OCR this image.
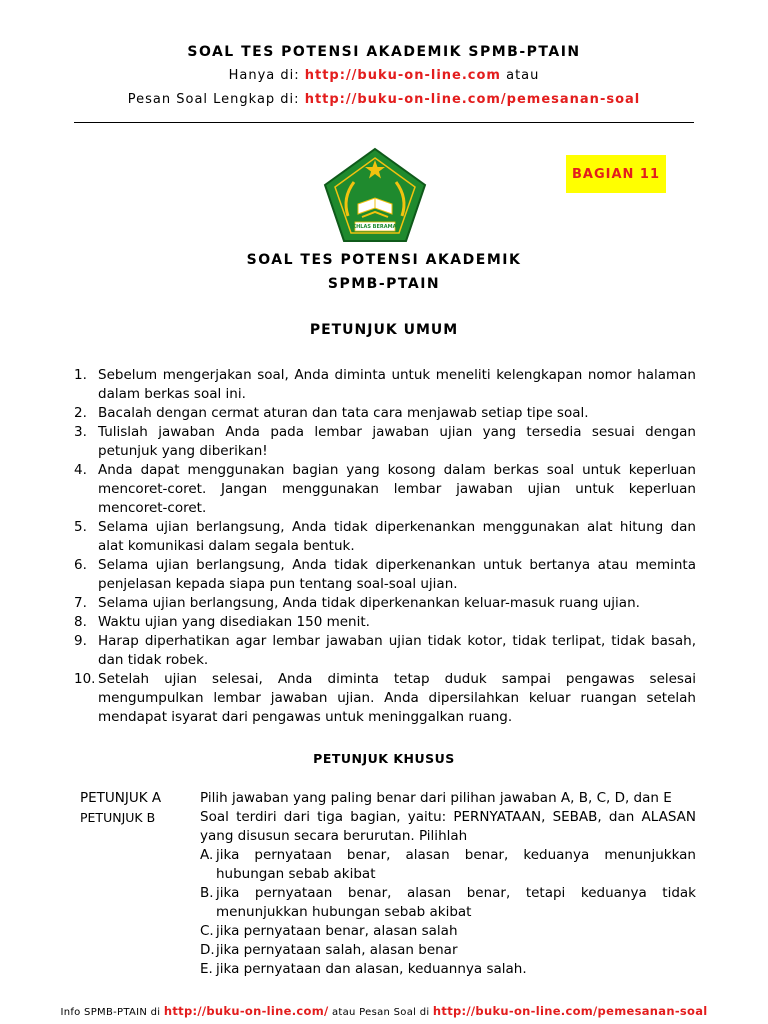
SOAL TES POTENSI AKADEMIK SPMB-PTAIN
Hanya di: http://buku-on-line.com atau
Pesan Soal Lengkap di: http://buku-on-line.com/pemesanan-soal
IKHLAS BERAMAL
BAGIAN 11
SOAL TES POTENSI AKADEMIK
SPMB-PTAIN
PETUNJUK UMUM
1. Sebelum mengerjakan soal, Anda diminta untuk meneliti kelengkapan nomor halaman dalam berkas soal ini.
2. Bacalah dengan cermat aturan dan tata cara menjawab setiap tipe soal.
3. Tulislah jawaban Anda pada lembar jawaban ujian yang tersedia sesuai dengan petunjuk yang diberikan!
4. Anda dapat menggunakan bagian yang kosong dalam berkas soal untuk keperluan mencoret-coret. Jangan menggunakan lembar jawaban ujian untuk keperluan mencoret-coret.
5. Selama ujian berlangsung, Anda tidak diperkenankan menggunakan alat hitung dan alat komunikasi dalam segala bentuk.
6. Selama ujian berlangsung, Anda tidak diperkenankan untuk bertanya atau meminta penjelasan kepada siapa pun tentang soal-soal ujian.
7. Selama ujian berlangsung, Anda tidak diperkenankan keluar-masuk ruang ujian.
8. Waktu ujian yang disediakan 150 menit.
9. Harap diperhatikan agar lembar jawaban ujian tidak kotor, tidak terlipat, tidak basah, dan tidak robek.
10. Setelah ujian selesai, Anda diminta tetap duduk sampai pengawas selesai mengumpulkan lembar jawaban ujian. Anda dipersilahkan keluar ruangan setelah mendapat isyarat dari pengawas untuk meninggalkan ruang.
PETUNJUK KHUSUS
PETUNJUK A	Pilih jawaban yang paling benar dari pilihan jawaban A, B, C, D, dan E
PETUNJUK B	Soal terdiri dari tiga bagian, yaitu: PERNYATAAN, SEBAB, dan ALASAN yang disusun secara berurutan. Pilihlah
A. jika pernyataan benar, alasan benar, keduanya menunjukkan hubungan sebab akibat
B. jika pernyataan benar, alasan benar, tetapi keduanya tidak menunjukkan hubungan sebab akibat
C. jika pernyataan benar, alasan salah
D. jika pernyataan salah, alasan benar
E. jika pernyataan dan alasan, keduannya salah.
Info SPMB-PTAIN di http://buku-on-line.com/ atau Pesan Soal di http://buku-on-line.com/pemesanan-soal
